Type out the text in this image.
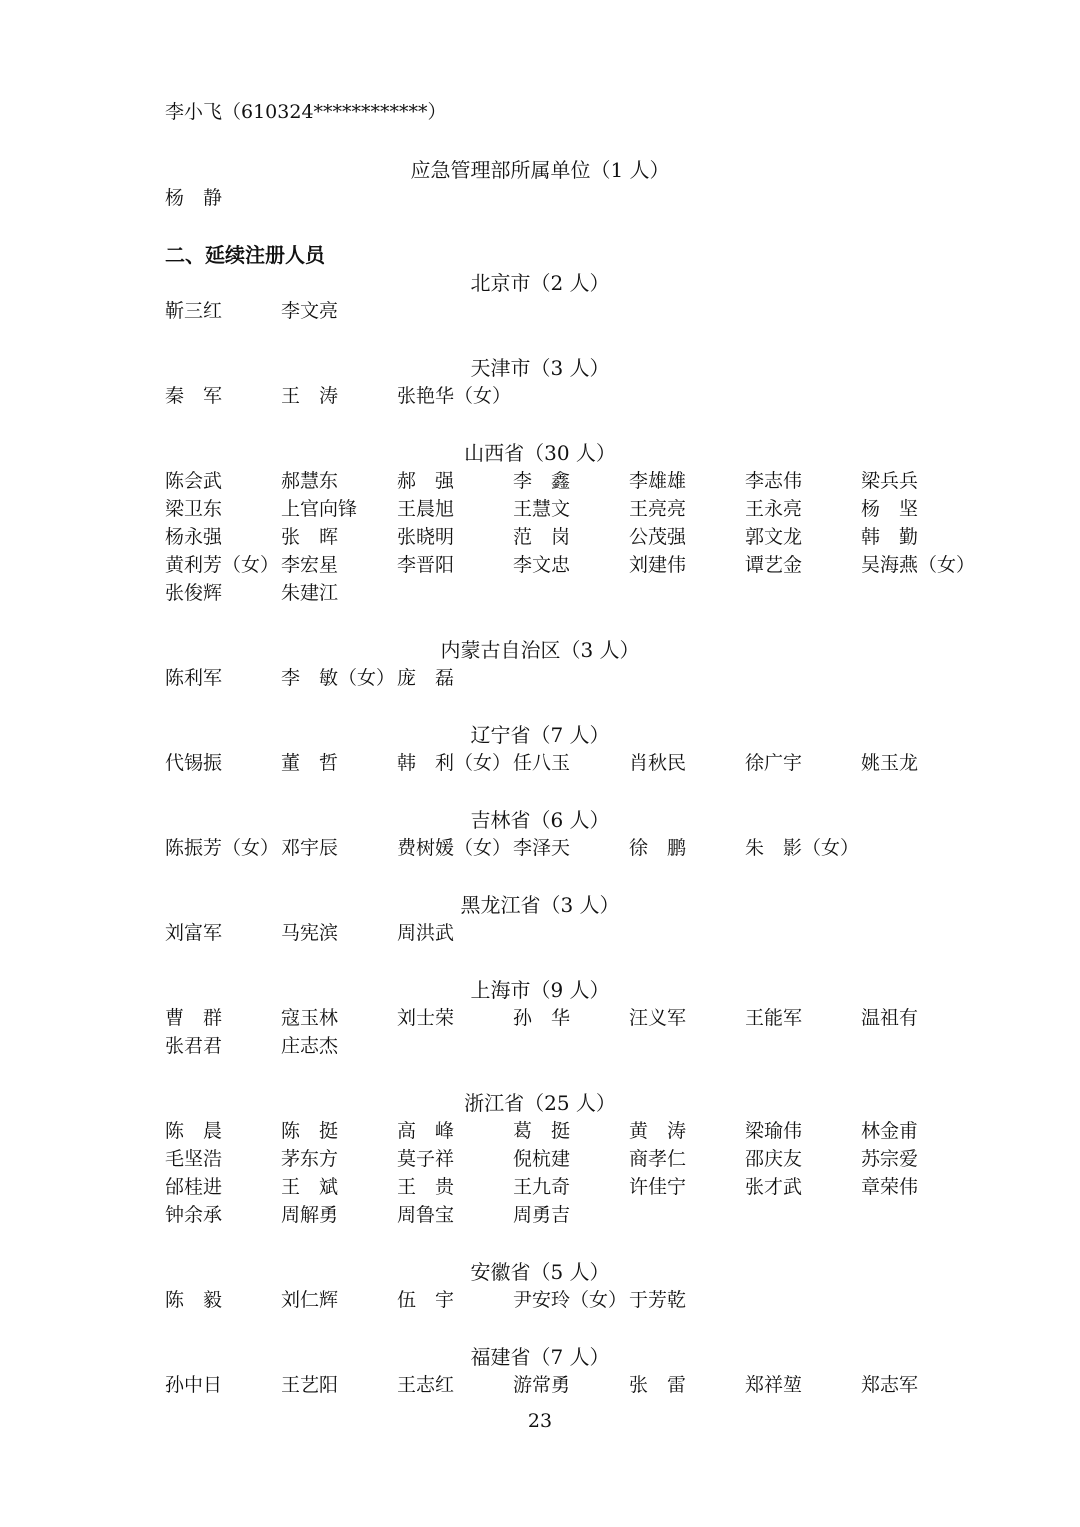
李小飞（610324************）
应急管理部所属单位（1 人）
杨　静
二、延续注册人员
北京市（2 人）
靳三红	李文亮
天津市（3 人）
秦　军	王　涛	张艳华（女）
山西省（30 人）
陈会武	郝慧东	郝　强	李　鑫	李雄雄	李志伟	梁兵兵
梁卫东	上官向锋 王晨旭	王慧文	王亮亮	王永亮	杨　坚
杨永强	张　晖	张晓明	范　岗	公茂强	郭文龙	韩　勤
黄利芳（女） 李宏星	李晋阳	李文忠	刘建伟	谭艺金	吴海燕（女）
张俊辉	朱建江
内蒙古自治区（3 人）
陈利军	李　敏（女） 庞　磊
辽宁省（7 人）
代锡振	董　哲	韩　利（女） 任八玉	肖秋民	徐广宇	姚玉龙
吉林省（6 人）
陈振芳（女） 邓宇辰	费树媛（女） 李泽天	徐　鹏	朱　影（女）
黑龙江省（3 人）
刘富军	马宪滨	周洪武
上海市（9 人）
曹　群	寇玉林	刘士荣	孙　华	汪义军	王能军	温祖有
张君君	庄志杰
浙江省（25 人）
陈　晨	陈　挺	高　峰	葛　挺	黄　涛	梁瑜伟	林金甫
毛坚浩	茅东方	莫子祥	倪杭建	商孝仁	邵庆友	苏宗爱
邰桂进	王　斌	王　贵	王九奇	许佳宁	张才武	章荣伟
钟余承	周解勇	周鲁宝	周勇吉
安徽省（5 人）
陈　毅	刘仁辉	伍　宇	尹安玲（女） 于芳乾
福建省（7 人）
孙中日	王艺阳	王志红	游常勇	张　雷	郑祥堃	郑志军
23
